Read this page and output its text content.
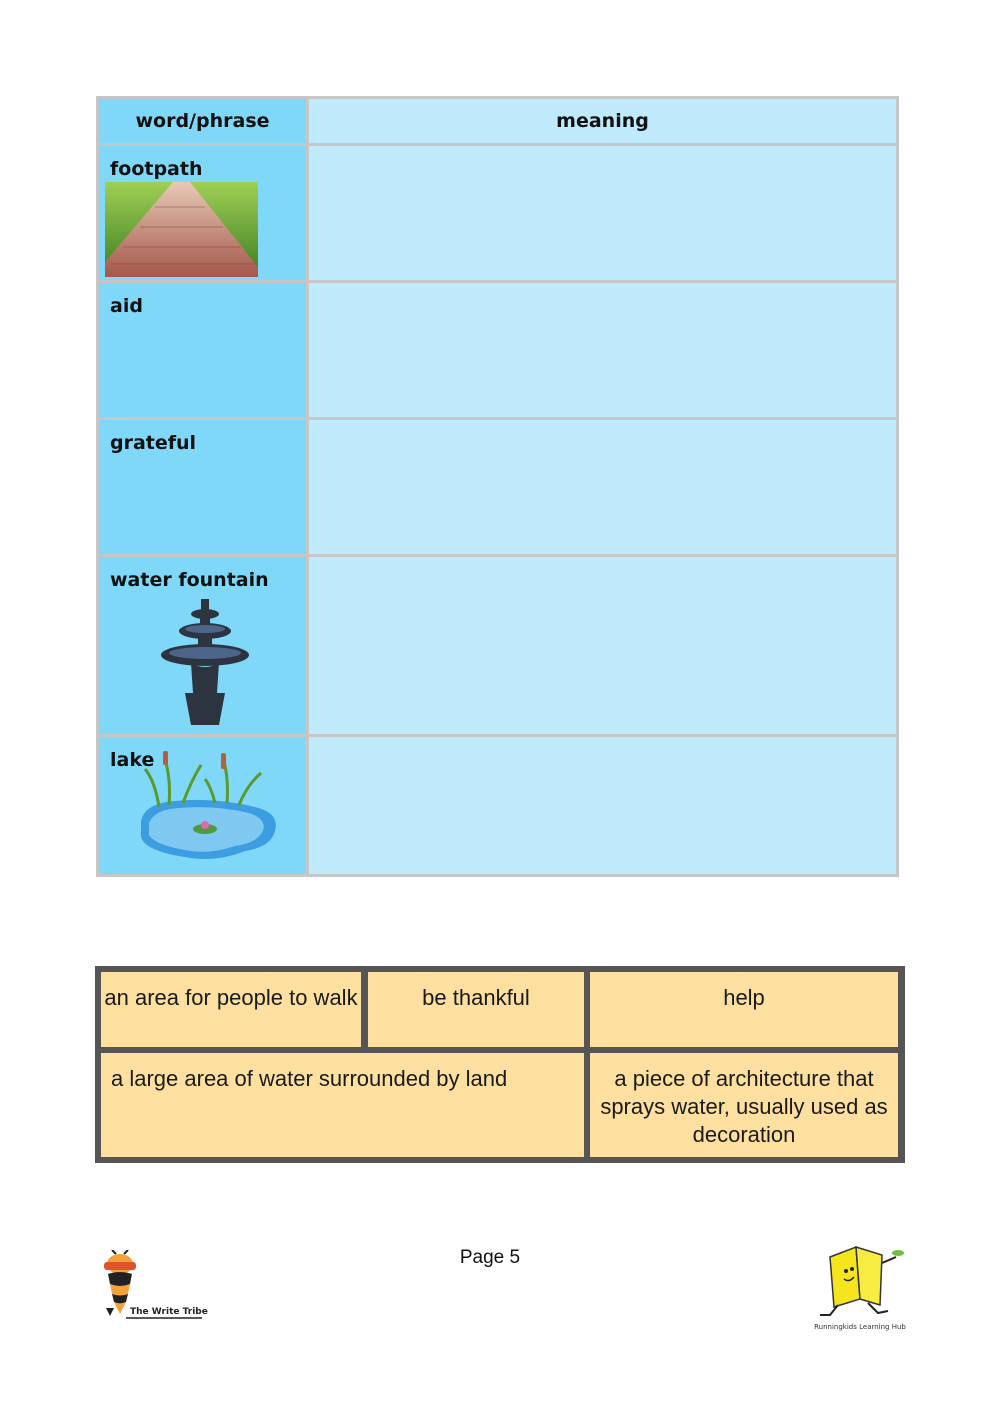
word/phrase	meaning
footpath
aid
grateful
water fountain
lake
an area for people to walk	be thankful	help
a large area of water surrounded by land	a piece of architecture that sprays water, usually used as decoration
Page 5
The Write Tribe
Runningkids Learning Hub
